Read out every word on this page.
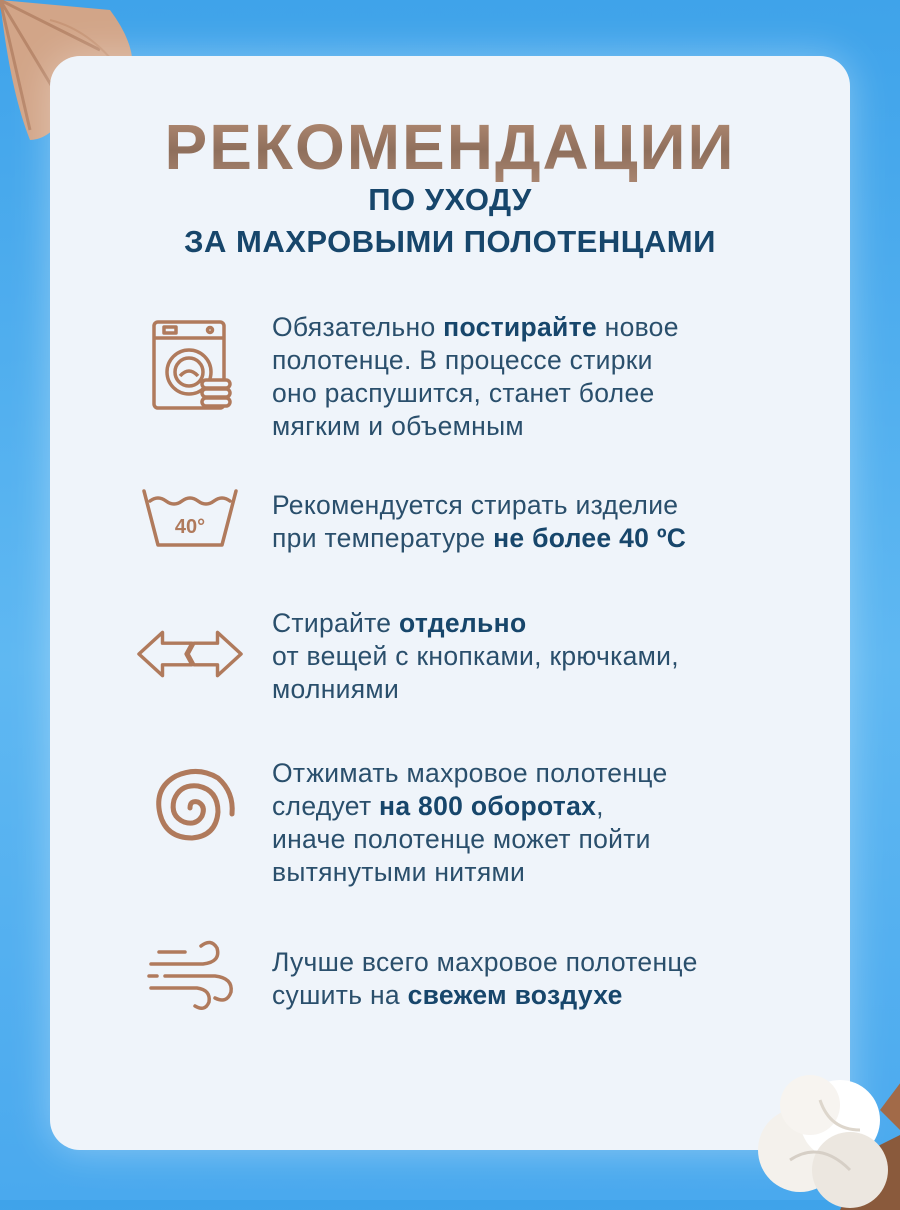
РЕКОМЕНДАЦИИ
ПО УХОДУ
ЗА МАХРОВЫМИ ПОЛОТЕНЦАМИ
Обязательно постирайте новое
полотенце. В процессе стирки
оно распушится, станет более
мягким и объемным
40°
Рекомендуется стирать изделие
при температуре не более 40 ºС
Стирайте отдельно
от вещей с кнопками, крючками,
молниями
Отжимать махровое полотенце
следует на 800 оборотах,
иначе полотенце может пойти
вытянутыми нитями
Лучше всего махровое полотенце
сушить на свежем воздухе
